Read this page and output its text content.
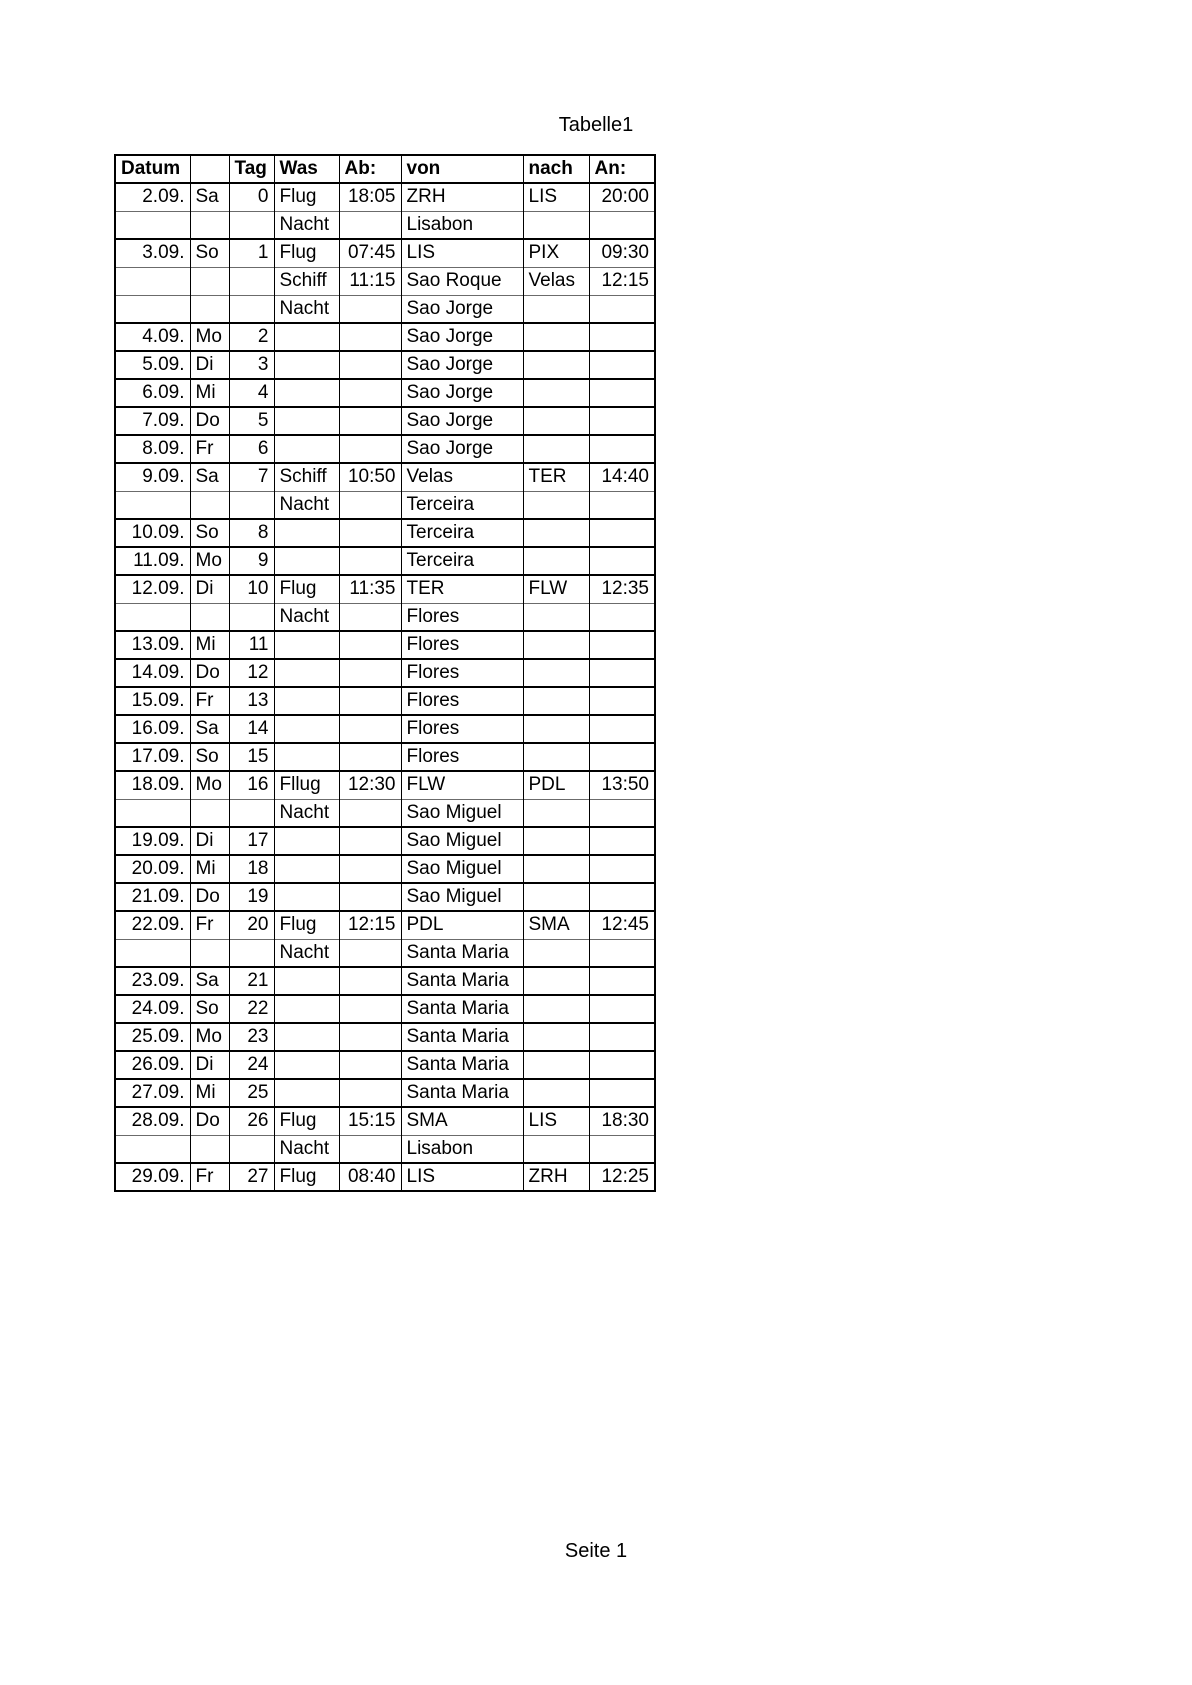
Tabelle1
Datum		Tag	Was	Ab:	von	nach	An:
2.09.	Sa	0	Flug	18:05	ZRH	LIS	20:00
			Nacht		Lisabon		
3.09.	So	1	Flug	07:45	LIS	PIX	09:30
			Schiff	11:15	Sao Roque	Velas	12:15
			Nacht		Sao Jorge		
4.09.	Mo	2			Sao Jorge		
5.09.	Di	3			Sao Jorge		
6.09.	Mi	4			Sao Jorge		
7.09.	Do	5			Sao Jorge		
8.09.	Fr	6			Sao Jorge		
9.09.	Sa	7	Schiff	10:50	Velas	TER	14:40
			Nacht		Terceira		
10.09.	So	8			Terceira		
11.09.	Mo	9			Terceira		
12.09.	Di	10	Flug	11:35	TER	FLW	12:35
			Nacht		Flores		
13.09.	Mi	11			Flores		
14.09.	Do	12			Flores		
15.09.	Fr	13			Flores		
16.09.	Sa	14			Flores		
17.09.	So	15			Flores		
18.09.	Mo	16	Fllug	12:30	FLW	PDL	13:50
			Nacht		Sao Miguel		
19.09.	Di	17			Sao Miguel		
20.09.	Mi	18			Sao Miguel		
21.09.	Do	19			Sao Miguel		
22.09.	Fr	20	Flug	12:15	PDL	SMA	12:45
			Nacht		Santa Maria		
23.09.	Sa	21			Santa Maria		
24.09.	So	22			Santa Maria		
25.09.	Mo	23			Santa Maria		
26.09.	Di	24			Santa Maria		
27.09.	Mi	25			Santa Maria		
28.09.	Do	26	Flug	15:15	SMA	LIS	18:30
			Nacht		Lisabon		
29.09.	Fr	27	Flug	08:40	LIS	ZRH	12:25
Seite 1
